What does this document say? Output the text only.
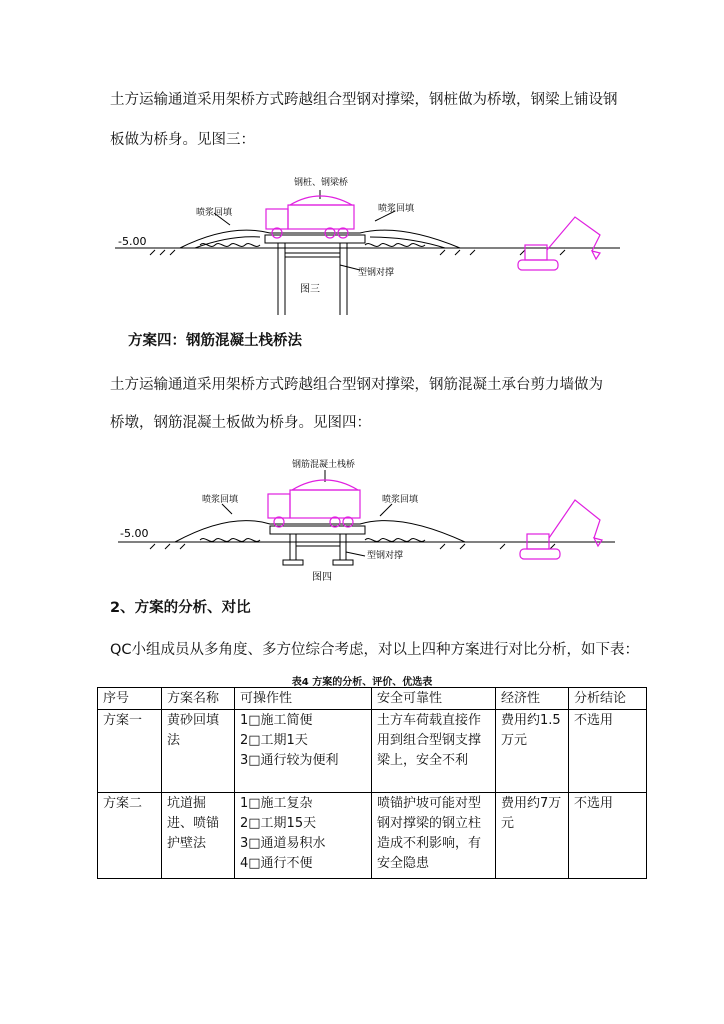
土方运输通道采用架桥方式跨越组合型钢对撑梁，钢桩做为桥墩，钢梁上铺设钢

板做为桥身。见图三：

-5.00
钢桩、钢梁桥
喷浆回填	喷浆回填
型钢对撑
图三

方案四：钢筋混凝土栈桥法

土方运输通道采用架桥方式跨越组合型钢对撑梁，钢筋混凝土承台剪力墙做为

桥墩，钢筋混凝土板做为桥身。见图四：

-5.00
钢筋混凝土栈桥
喷浆回填	喷浆回填
型钢对撑
图四

2、方案的分析、对比

QC小组成员从多角度、多方位综合考虑，对以上四种方案进行对比分析，如下表：

表4 方案的分析、评价、优选表

序号	方案名称	可操作性	安全可靠性	经济性	分析结论
方案一	黄砂回填法	1□施工简便
2□工期1天
3□通行较为便利	土方车荷载直接作用到组合型钢支撑梁上，安全不利	费用约1.5万元	不选用
方案二	坑道掘进、喷锚护壁法	1□施工复杂
2□工期15天
3□通道易积水
4□通行不便	喷锚护坡可能对型钢对撑梁的钢立柱造成不利影响，有安全隐患	费用约7万元	不选用
